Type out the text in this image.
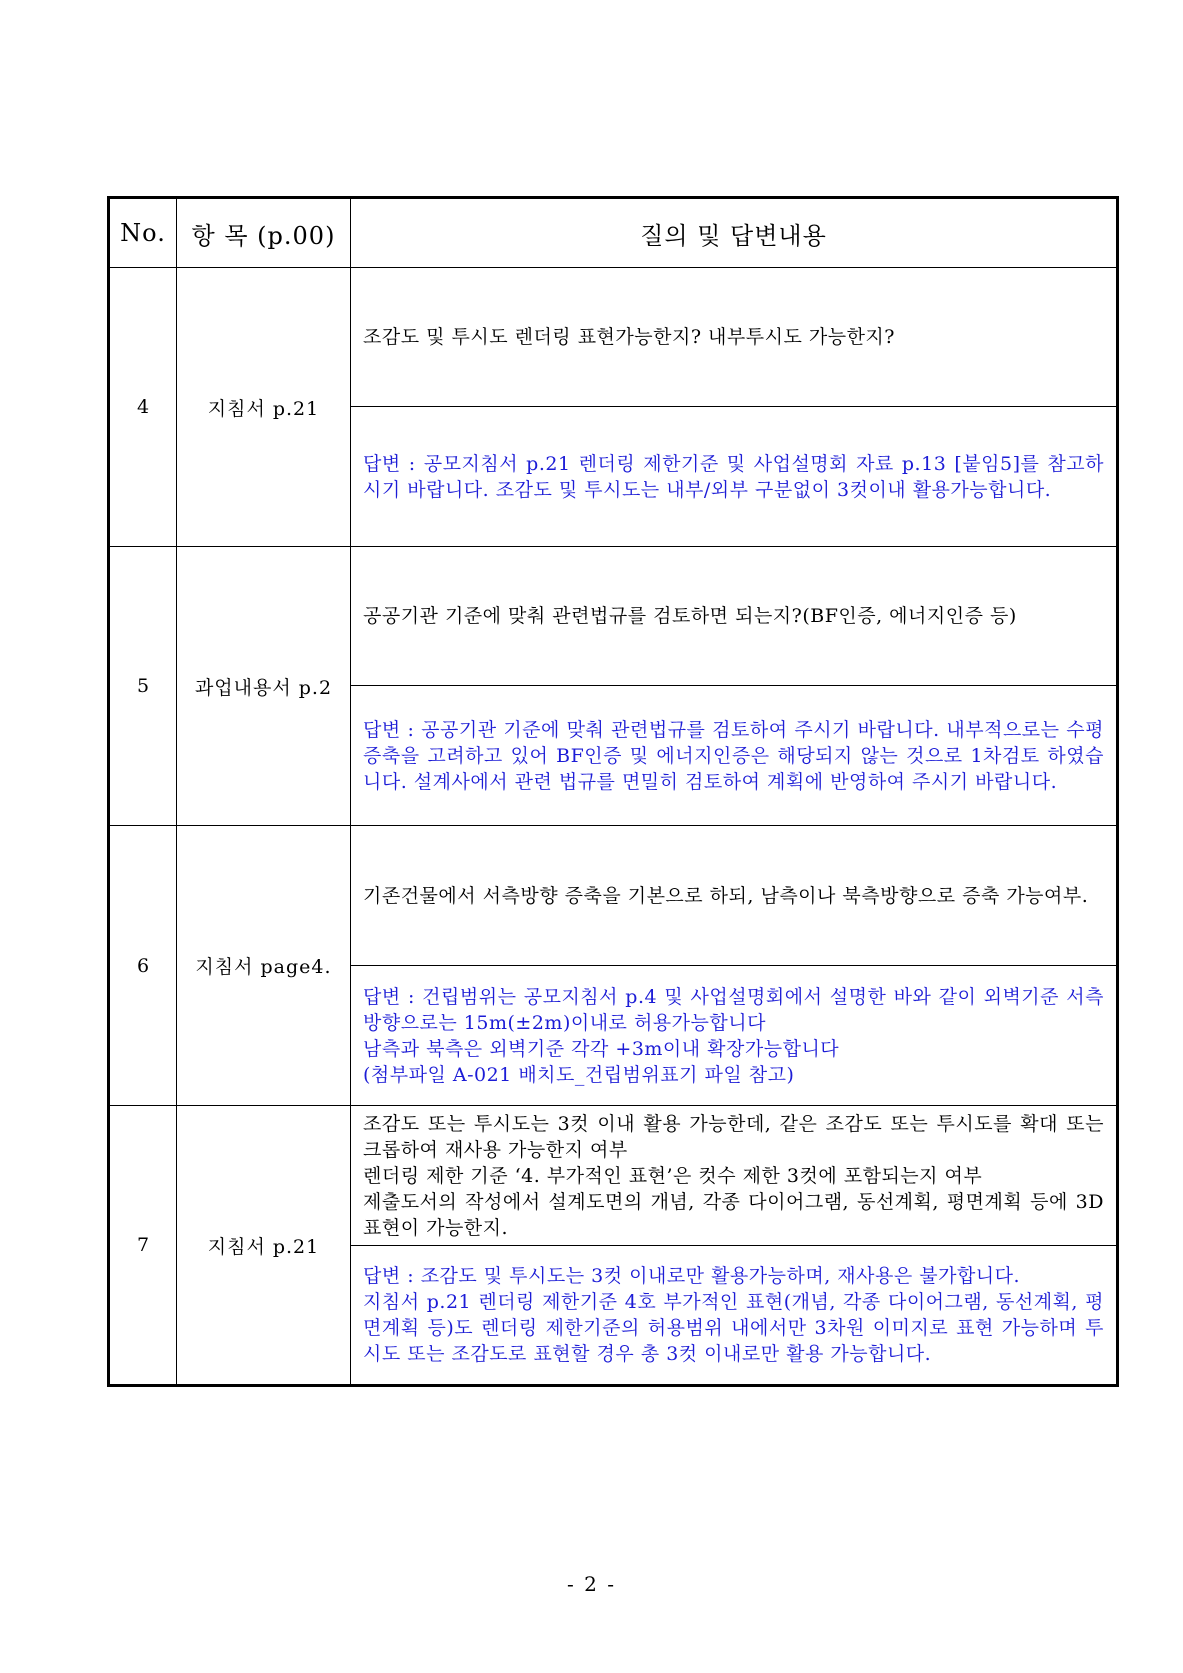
No.	항 목 (p.00)	질의 및 답변내용
4	지침서 p.21	조감도 및 투시도 렌더링 표현가능한지? 내부투시도 가능한지?

		답변 : 공모지침서 p.21 렌더링 제한기준 및 사업설명회 자료 p.13 [붙임5]를 참고하시기 바랍니다. 조감도 및 투시도는 내부/외부 구분없이 3컷이내 활용가능합니다.

5	과업내용서 p.2	공공기관 기준에 맞춰 관련법규를 검토하면 되는지?(BF인증, 에너지인증 등)

		답변 : 공공기관 기준에 맞춰 관련법규를 검토하여 주시기 바랍니다. 내부적으로는 수평증축을 고려하고 있어 BF인증 및 에너지인증은 해당되지 않는 것으로 1차검토 하였습니다. 설계사에서 관련 법규를 면밀히 검토하여 계획에 반영하여 주시기 바랍니다.

6	지침서 page4.	기존건물에서 서측방향 증축을 기본으로 하되, 남측이나 북측방향으로 증축 가능여부.

		답변 : 건립범위는 공모지침서 p.4 및 사업설명회에서 설명한 바와 같이 외벽기준 서측방향으로는 15m(±2m)이내로 허용가능합니다
남측과 북측은 외벽기준 각각 +3m이내 확장가능합니다
(첨부파일 A-021 배치도_건립범위표기 파일 참고)

7	지침서 p.21	조감도 또는 투시도는 3컷 이내 활용 가능한데, 같은 조감도 또는 투시도를 확대 또는 크롭하여 재사용 가능한지 여부
렌더링 제한 기준 ‘4. 부가적인 표현’은 컷수 제한 3컷에 포함되는지 여부
제출도서의 작성에서 설계도면의 개념, 각종 다이어그램, 동선계획, 평면계획 등에 3D표현이 가능한지.

		답변 : 조감도 및 투시도는 3컷 이내로만 활용가능하며, 재사용은 불가합니다.
지침서 p.21 렌더링 제한기준 4호 부가적인 표현(개념, 각종 다이어그램, 동선계획, 평면계획 등)도 렌더링 제한기준의 허용범위 내에서만 3차원 이미지로 표현 가능하며 투시도 또는 조감도로 표현할 경우 총 3컷 이내로만 활용 가능합니다.
- 2 -
